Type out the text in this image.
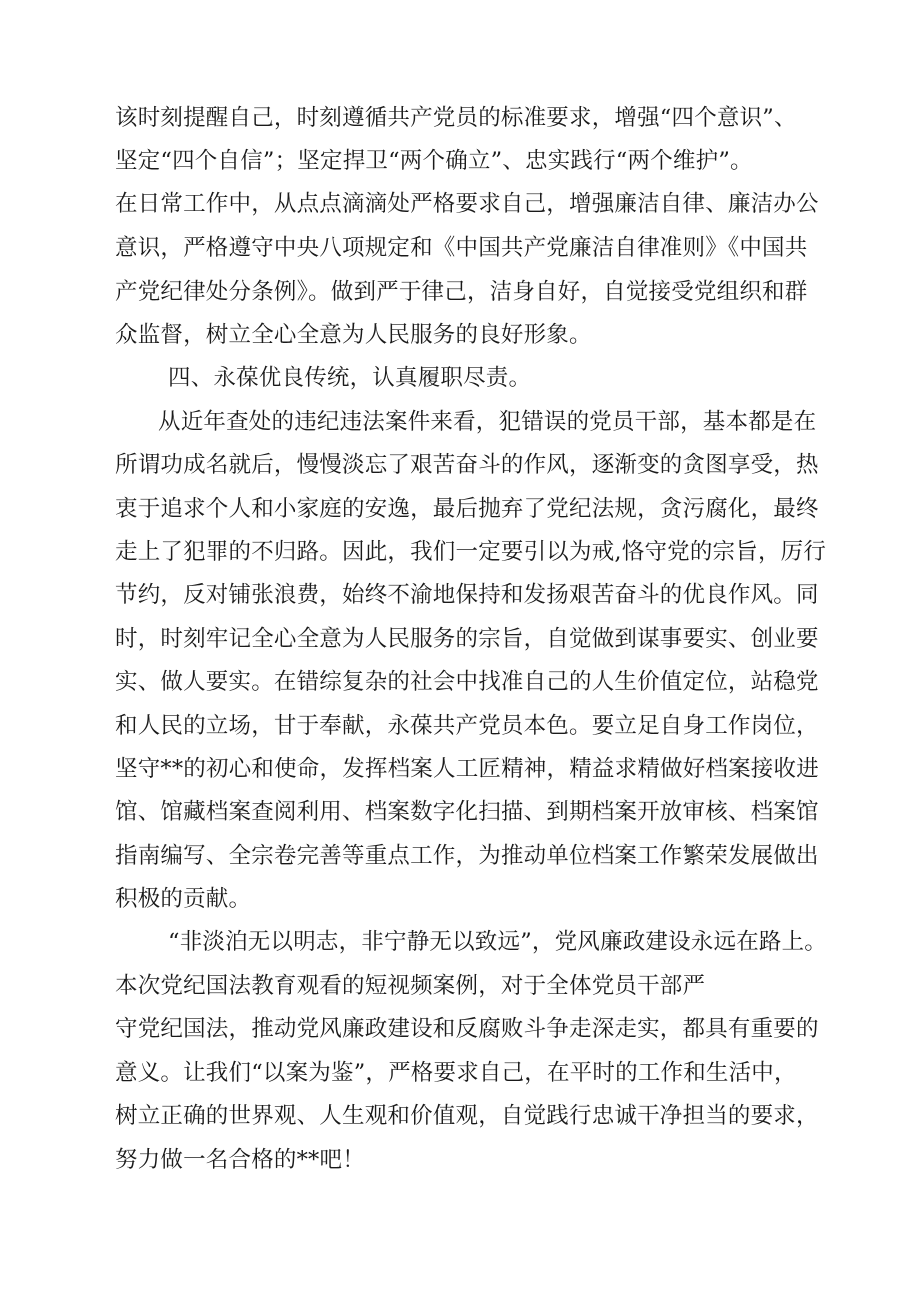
该时刻提醒自己，时刻遵循共产党员的标准要求，增强“四个意识”、
坚定“四个自信”；坚定捍卫“两个确立”、忠实践行“两个维护”。
在日常工作中，从点点滴滴处严格要求自己，增强廉洁自律、廉洁办公
意识，严格遵守中央八项规定和《中国共产党廉洁自律准则》《中国共
产党纪律处分条例》。做到严于律己，洁身自好，自觉接受党组织和群
众监督，树立全心全意为人民服务的良好形象。
四、永葆优良传统，认真履职尽责。
从近年查处的违纪违法案件来看，犯错误的党员干部，基本都是在
所谓功成名就后，慢慢淡忘了艰苦奋斗的作风，逐渐变的贪图享受，热
衷于追求个人和小家庭的安逸，最后抛弃了党纪法规，贪污腐化，最终
走上了犯罪的不归路。因此，我们一定要引以为戒,恪守党的宗旨，厉行
节约，反对铺张浪费，始终不渝地保持和发扬艰苦奋斗的优良作风。同
时，时刻牢记全心全意为人民服务的宗旨，自觉做到谋事要实、创业要
实、做人要实。在错综复杂的社会中找准自己的人生价值定位，站稳党
和人民的立场，甘于奉献，永葆共产党员本色。要立足自身工作岗位，
坚守**的初心和使命，发挥档案人工匠精神，精益求精做好档案接收进
馆、馆藏档案查阅利用、档案数字化扫描、到期档案开放审核、档案馆
指南编写、全宗卷完善等重点工作，为推动单位档案工作繁荣发展做出
积极的贡献。
“非淡泊无以明志，非宁静无以致远”，党风廉政建设永远在路上。
本次党纪国法教育观看的短视频案例，对于全体党员干部严
守党纪国法，推动党风廉政建设和反腐败斗争走深走实，都具有重要的
意义。让我们“以案为鉴”，严格要求自己，在平时的工作和生活中，
树立正确的世界观、人生观和价值观，自觉践行忠诚干净担当的要求，
努力做一名合格的**吧！
